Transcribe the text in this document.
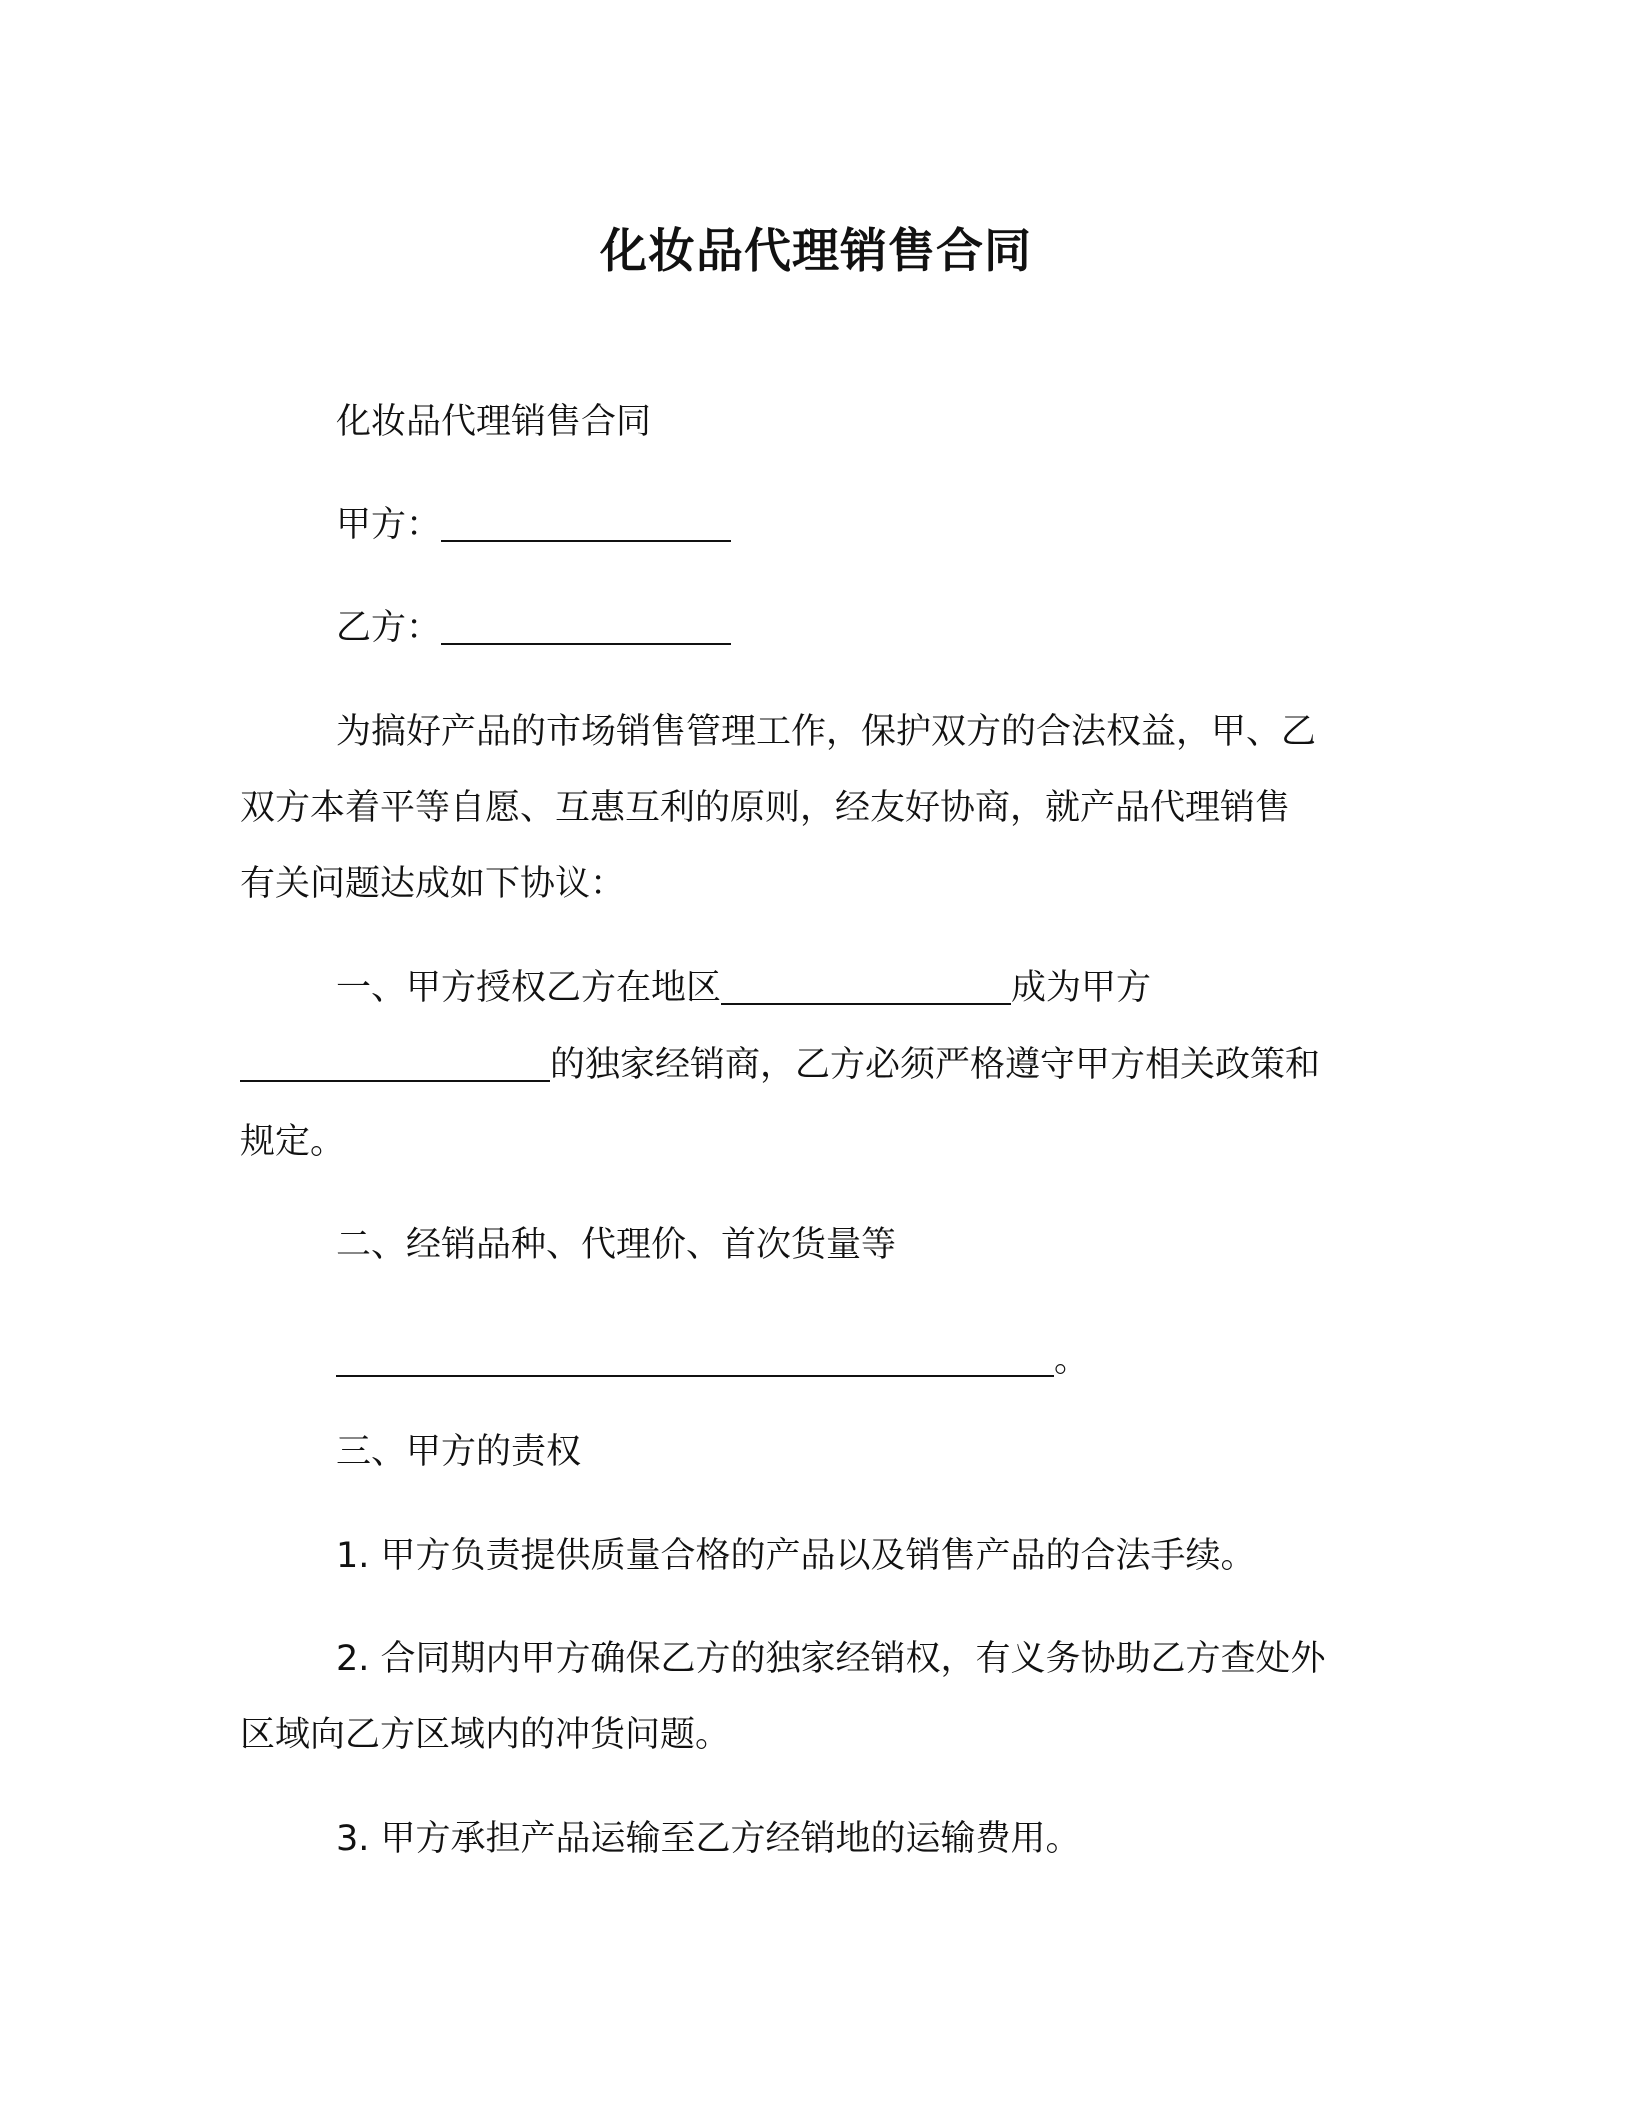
化妆品代理销售合同
化妆品代理销售合同
甲方：
乙方：
为搞好产品的市场销售管理工作，保护双方的合法权益，甲、乙
双方本着平等自愿、互惠互利的原则，经友好协商，就产品代理销售
有关问题达成如下协议：
一、甲方授权乙方在地区	成为甲方
的独家经销商，乙方必须严格遵守甲方相关政策和
规定。
二、经销品种、代理价、首次货量等
。
三、甲方的责权
1. 甲方负责提供质量合格的产品以及销售产品的合法手续。
2. 合同期内甲方确保乙方的独家经销权，有义务协助乙方查处外
区域向乙方区域内的冲货问题。
3. 甲方承担产品运输至乙方经销地的运输费用。
